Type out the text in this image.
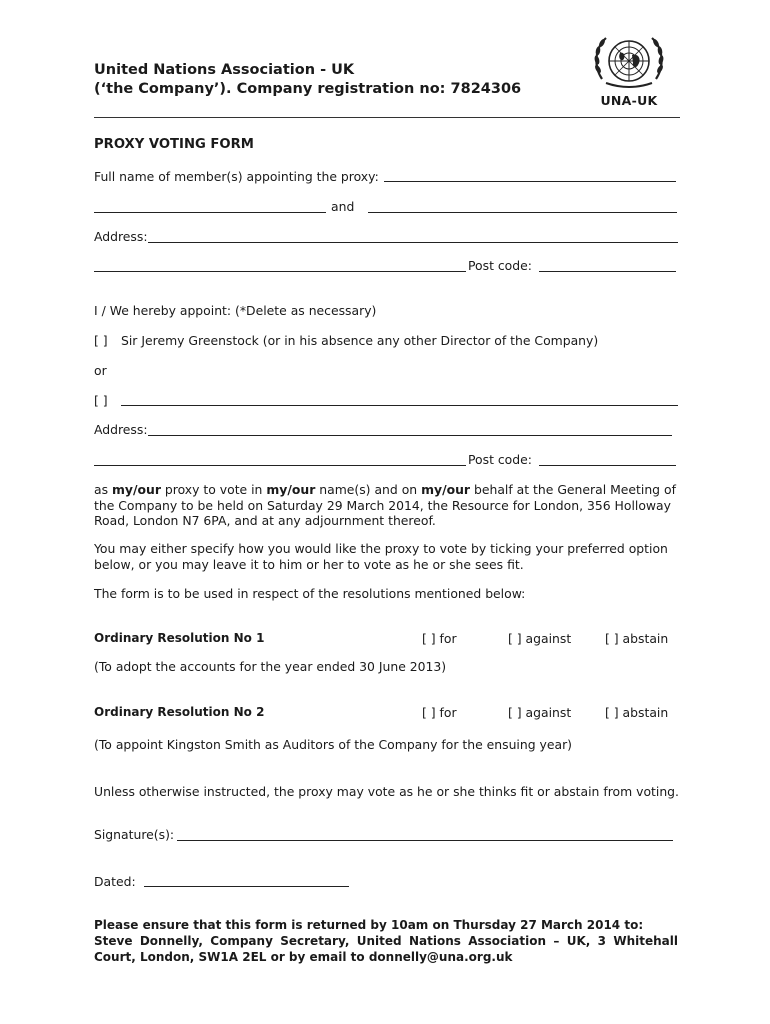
United Nations Association - UK
(‘the Company’). Company registration no: 7824306
UNA-UK
PROXY VOTING FORM
Full name of member(s) appointing the proxy:
and
Address:
Post code:
I / We hereby appoint: (*Delete as necessary)
[ ] Sir Jeremy Greenstock (or in his absence any other Director of the Company)
or
[ ]
Address:
Post code:
as my/our proxy to vote in my/our name(s) and on my/our behalf at the General Meeting of the Company to be held on Saturday 29 March 2014, the Resource for London, 356 Holloway Road, London N7 6PA, and at any adjournment thereof.
You may either specify how you would like the proxy to vote by ticking your preferred option below, or you may leave it to him or her to vote as he or she sees fit.
The form is to be used in respect of the resolutions mentioned below:
Ordinary Resolution No 1	[ ] for	[ ] against	[ ] abstain
(To adopt the accounts for the year ended 30 June 2013)
Ordinary Resolution No 2	[ ] for	[ ] against	[ ] abstain
(To appoint Kingston Smith as Auditors of the Company for the ensuing year)
Unless otherwise instructed, the proxy may vote as he or she thinks fit or abstain from voting.
Signature(s):
Dated:
Please ensure that this form is returned by 10am on Thursday 27 March 2014 to:
Steve Donnelly, Company Secretary, United Nations Association – UK, 3 Whitehall Court, London, SW1A 2EL or by email to donnelly@una.org.uk
